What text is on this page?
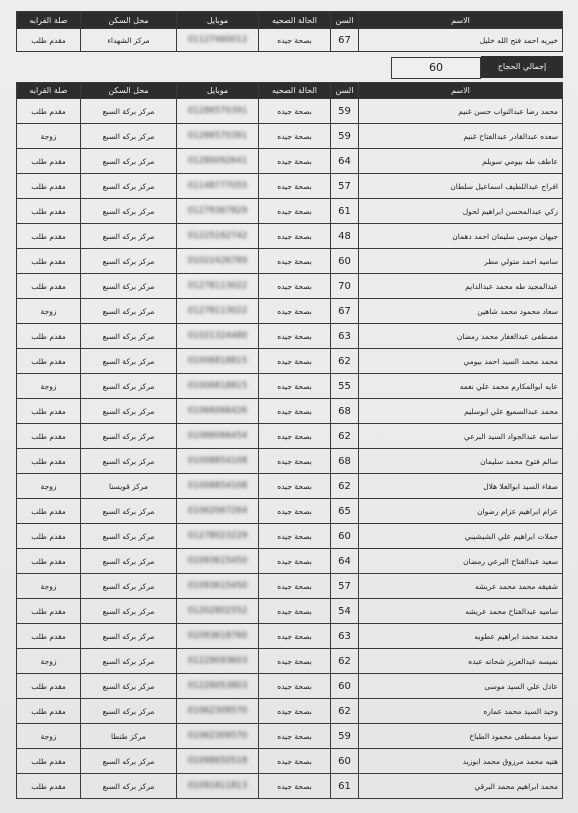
صلة القرابه	محل السكن	موبايل	الحالة الصحيه	السن	الاسم
مقدم طلب	مركز الشهداء	01127460012	بصحة جيده	67	خيريه احمد فتح الله خليل
60	إجمالي الحجاج
صلة القرابه	محل السكن	موبايل	الحالة الصحيه	السن	الاسم
مقدم طلب	مركز بركة السبع	01286570391	بصحة جيده	59	محمد رضا عبدالتواب حسن غنيم
زوجة	مركز بركه السبع	01286570391	بصحة جيده	59	سعده عبدالقادر عبدالفتاح غنيم
مقدم طلب	مركز بركه السبع	01280092641	بصحة جيده	64	عاطف طه بيومي سويلم
مقدم طلب	مركز بركه السبع	01148777055	بصحة جيده	57	افراج عبداللطيف اسماعيل سلطان
مقدم طلب	مركز بركه السبع	01279367829	بصحة جيده	61	زكي عبدالمحسن ابراهيم لحول
مقدم طلب	مركز بركه السبع	01225162742	بصحة جيده	48	جيهان موسى سليمان احمد دهمان
مقدم طلب	مركز بركه السبع	01022426789	بصحة جيده	60	ساميه احمد متولي مطر
مقدم طلب	مركز بركة السبع	01278113022	بصحة جيده	70	عبدالمجيد طه محمد عبدالدايم
زوجة	مركز بركه السبع	01278113022	بصحة جيده	67	سعاد محمود محمد شاهين
مقدم طلب	مركز بركه السبع	01021324480	بصحة جيده	63	مصطفى عبدالغفار محمد رمضان
مقدم طلب	مركز بركة السبع	01006818815	بصحة جيده	62	محمد محمد السيد احمد بيومي
زوجة	مركز بركه السبع	01006818815	بصحة جيده	55	عايه ابوالمكارم محمد علي نعمه
مقدم طلب	مركز بركه السبع	01066066426	بصحة جيده	68	محمد عبدالسميع علي ابوسليم
مقدم طلب	مركز بركه السبع	01066066454	بصحة جيده	62	ساميه عبدالجواد السيد البرعي
مقدم طلب	مركز بركه السبع	01008854108	بصحة جيده	68	سالم فتوح محمد سليمان
زوجة	مركز قويسنا	01008854108	بصحة جيده	62	صفاء السيد ابوالعلا هلال
مقدم طلب	مركز بركه السبع	01062067264	بصحة جيده	65	عزام ابراهيم عزام رضوان
مقدم طلب	مركز بركه السبع	01278023229	بصحة جيده	60	جملات ابراهيم علي الشيشيني
مقدم طلب	مركز بركه السبع	01093615450	بصحة جيده	64	سعيد عبدالفتاح البرعي رمضان
زوجة	مركز بركه السبع	01093615450	بصحة جيده	57	شفيقه محمد محمد عريشه
مقدم طلب	مركز بركه السبع	01202802552	بصحة جيده	54	ساميه عبدالفتاح محمد عريشه
مقدم طلب	مركز بركه السبع	01093618760	بصحة جيده	63	محمد محمد ابراهيم عطويه
زوجة	مركز بركه السبع	01229093603	بصحة جيده	62	نميسه عبدالعزيز شحاته عبده
مقدم طلب	مركز بركة السبع	01228053803	بصحة جيده	60	عادل علي السيد موسى
مقدم طلب	مركز بركه السبع	01062309570	بصحة جيده	62	وحيد السيد محمد عماره
زوجة	مركز طنطا	01062309570	بصحة جيده	59	سونا مصطفى محمود الطباخ
مقدم طلب	مركز بركه السبع	01098650518	بصحة جيده	60	هنيه محمد مرزوق محمد ابوزيد
مقدم طلب	مركز بركه السبع	01091811813	بصحة جيده	61	محمد ابراهيم محمد البرقي
